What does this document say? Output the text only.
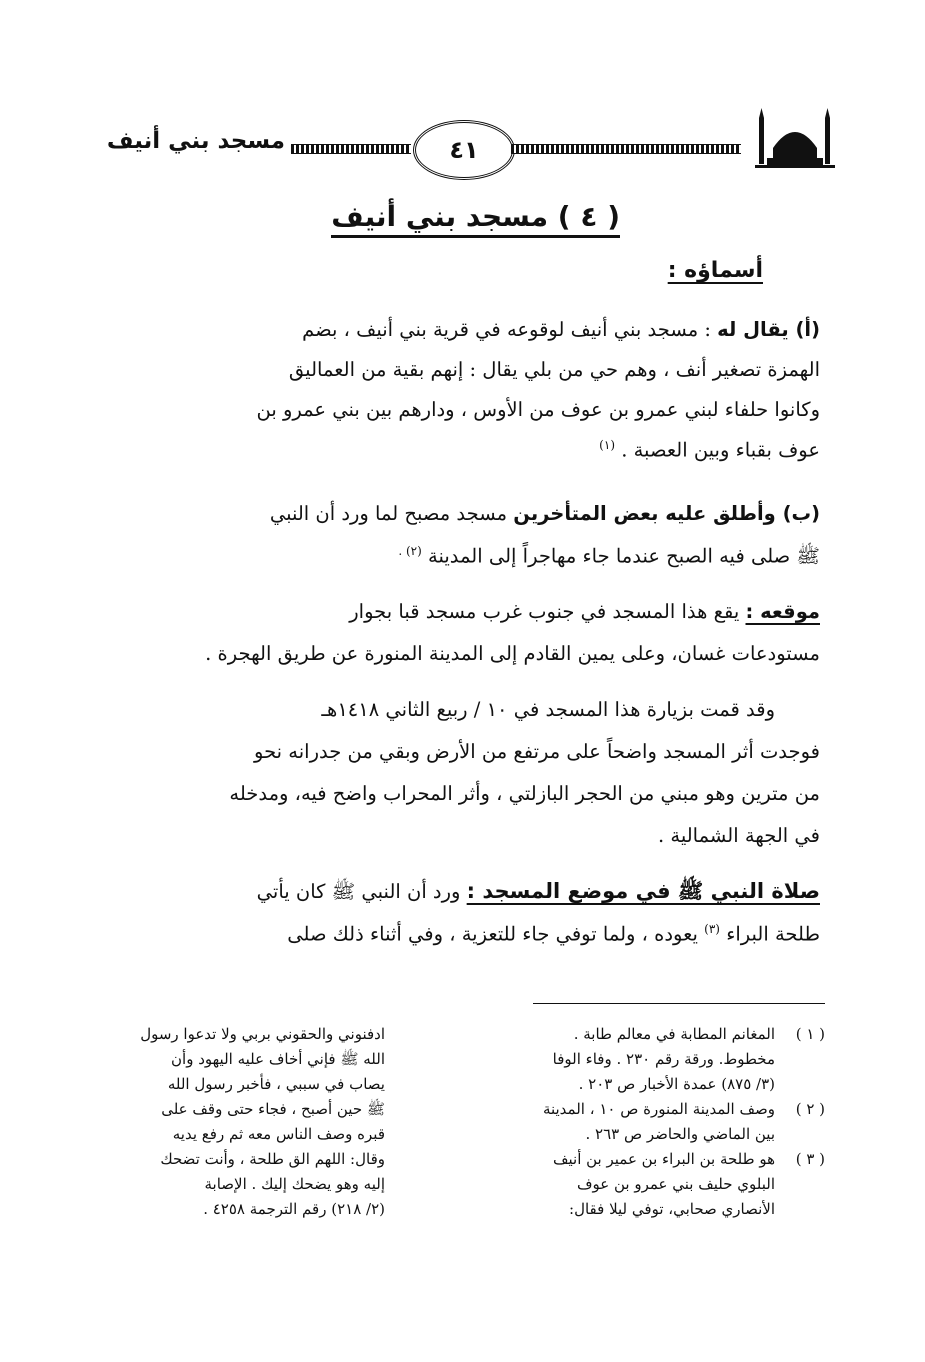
مسجد بني أنيف	٤١
( ٤ ) مسجد بني أنيف
أسماؤه :
(أ) يقال له : مسجد بني أنيف لوقوعه في قرية بني أنيف ، بضم
الهمزة تصغير أنف ، وهم حي من بلي يقال : إنهم بقية من العماليق
وكانوا حلفاء لبني عمرو بن عوف من الأوس ، ودارهم بين بني عمرو بن
عوف بقباء وبين العصبة . $^{(١)}$
(ب) وأطلق عليه بعض المتأخرين مسجد مصبح لما ورد أن النبي
ﷺ صلى فيه الصبح عندما جاء مهاجراً إلى المدينة $^{(٢) .}$
موقعه : يقع هذا المسجد في جنوب غرب مسجد قبا بجوار
مستودعات غسان، وعلى يمين القادم إلى المدينة المنورة عن طريق الهجرة .
وقد قمت بزيارة هذا المسجد في ١٠ / ربيع الثاني ١٤١٨هـ
فوجدت أثر المسجد واضحاً على مرتفع من الأرض وبقي من جدرانه نحو
من مترين وهو مبني من الحجر البازلتي ، وأثر المحراب واضح فيه، ومدخله
في الجهة الشمالية .
صلاة النبي ﷺ في موضع المسجد : ورد أن النبي ﷺ كان يأتي
طلحة البراء $^{(٣)}$ يعوده ، ولما توفي جاء للتعزية ، وفي أثناء ذلك صلى
( ١ )
المغانم المطابة في معالم طابة .
مخطوط. ورقة رقم ٢٣٠ . وفاء الوفا
(٣/ ٨٧٥) عمدة الأخبار ص ٢٠٣ .
( ٢ )
وصف المدينة المنورة ص ١٠ ، المدينة
بين الماضي والحاضر ص ٢٦٣ .
( ٣ )
هو طلحة بن البراء بن عمير بن أنيف
البلوي حليف بني عمرو بن عوف
الأنصاري صحابي، توفي ليلا فقال:
ادفنوني والحقوني بربي ولا تدعوا رسول
الله ﷺ فإني أخاف عليه اليهود وأن
يصاب في سببي ، فأخبر رسول الله
ﷺ حين أصبح ، فجاء حتى وقف على
قبره وصف الناس معه ثم رفع يديه
وقال: اللهم الق طلحة ، وأنت تضحك
إليه وهو يضحك إليك . الإصابة
(٢/ ٢١٨) رقم الترجمة ٤٢٥٨ .
